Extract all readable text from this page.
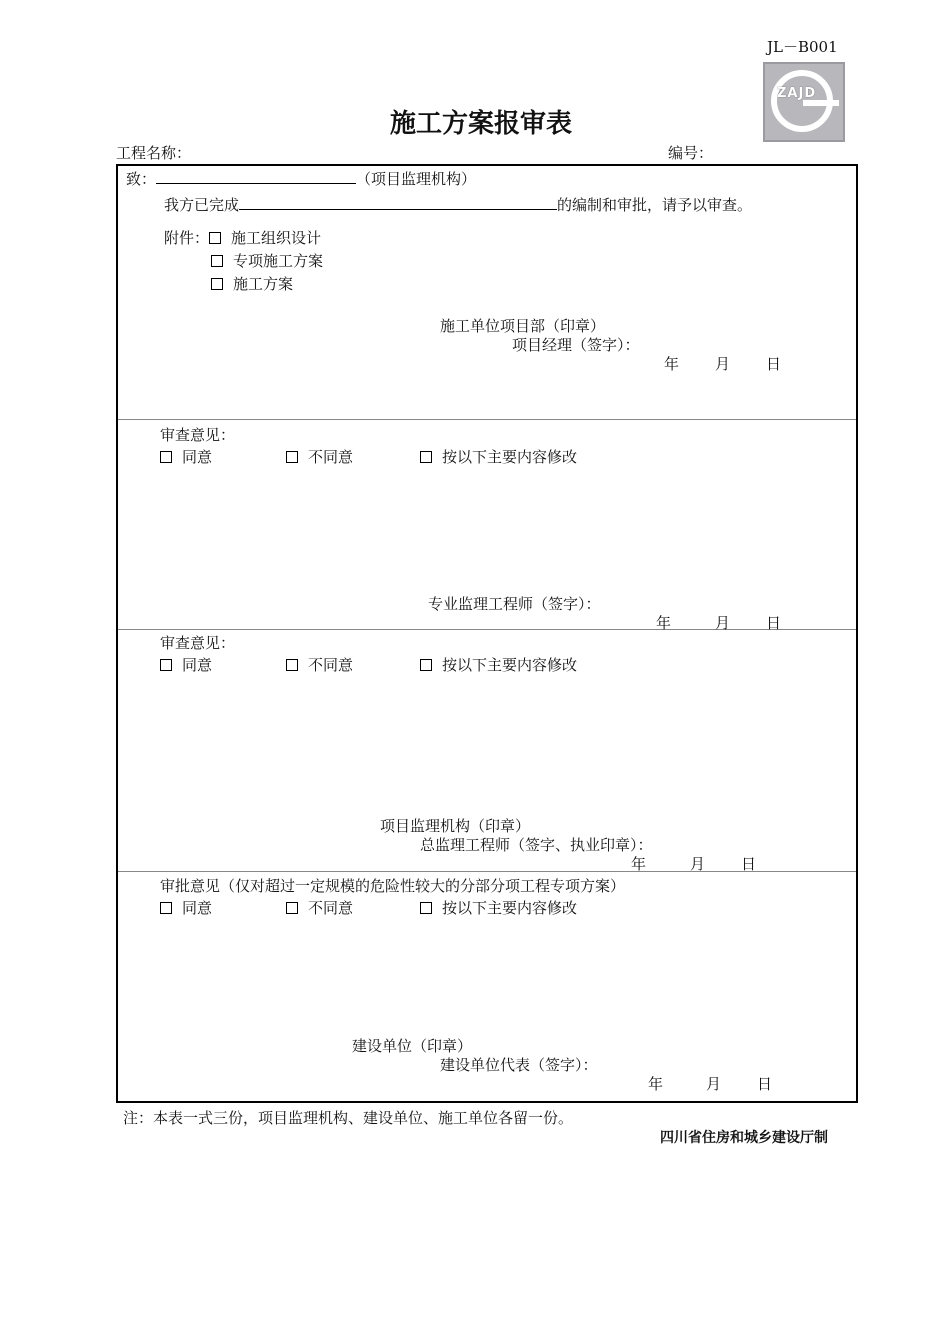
JL－B001
ZAJD
施工方案报审表
工程名称：	编号：
致：	（项目监理机构）
我方已完成	的编制和审批，请予以审查。
附件： 施工组织设计
专项施工方案
施工方案
施工单位项目部（印章）
项目经理（签字）：
年 月 日
审查意见：
同意	不同意	按以下主要内容修改
专业监理工程师（签字）：
年	月 日
审查意见：
同意	不同意	按以下主要内容修改
项目监理机构（印章）
总监理工程师（签字、执业印章）：
年	月 日
审批意见（仅对超过一定规模的危险性较大的分部分项工程专项方案）
同意	不同意	按以下主要内容修改
建设单位（印章）
建设单位代表（签字）：
年	月 日
注：本表一式三份，项目监理机构、建设单位、施工单位各留一份。
四川省住房和城乡建设厅制
